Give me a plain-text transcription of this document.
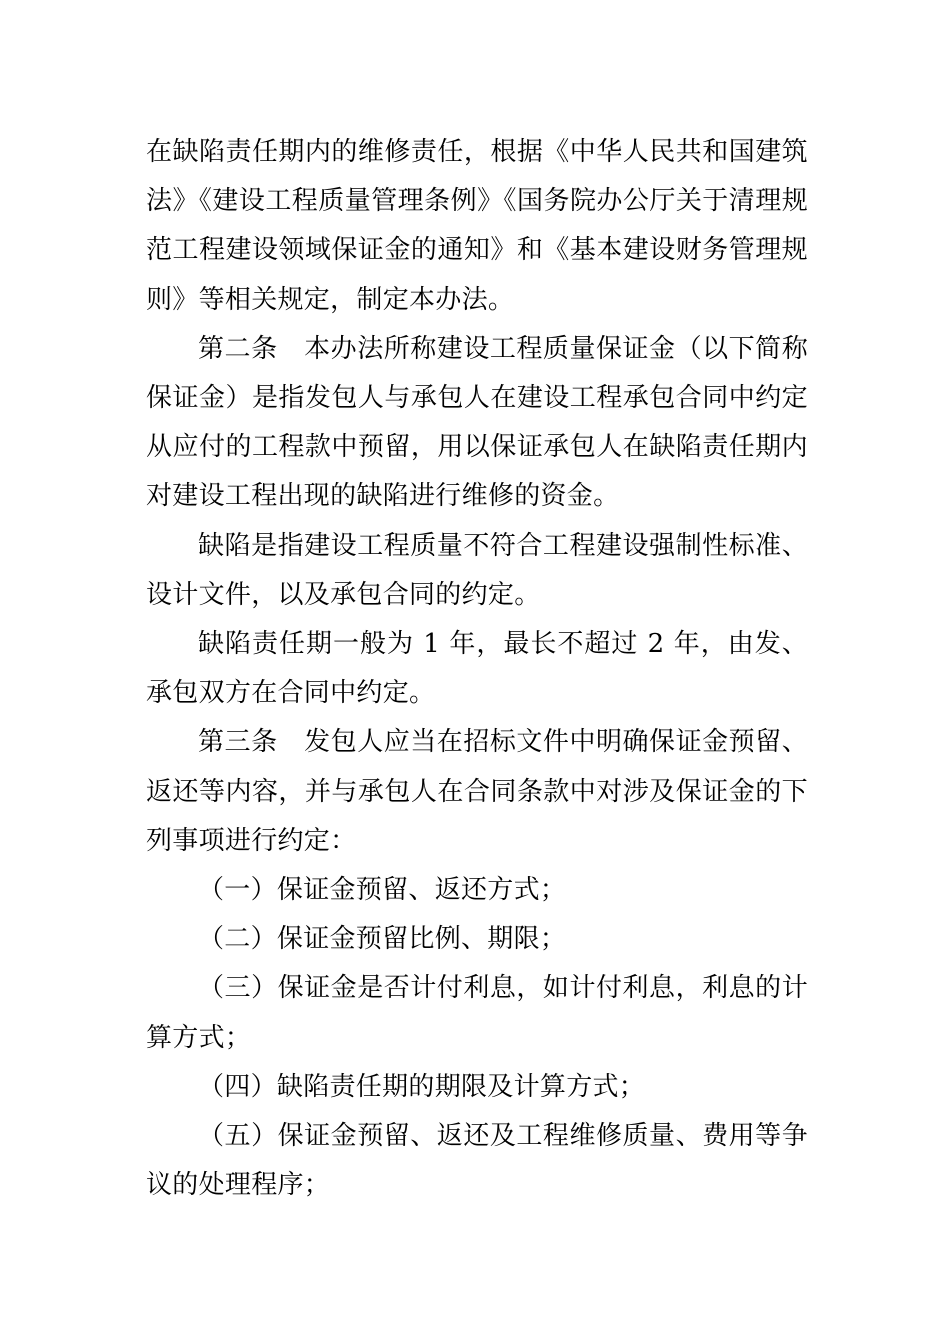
在缺陷责任期内的维修责任，根据《中华人民共和国建筑法》《建设工程质量管理条例》《国务院办公厅关于清理规范工程建设领域保证金的通知》和《基本建设财务管理规则》等相关规定，制定本办法。

第二条　本办法所称建设工程质量保证金（以下简称保证金）是指发包人与承包人在建设工程承包合同中约定从应付的工程款中预留，用以保证承包人在缺陷责任期内对建设工程出现的缺陷进行维修的资金。

缺陷是指建设工程质量不符合工程建设强制性标准、设计文件，以及承包合同的约定。

缺陷责任期一般为 1 年，最长不超过 2 年，由发、承包双方在合同中约定。

第三条　发包人应当在招标文件中明确保证金预留、返还等内容，并与承包人在合同条款中对涉及保证金的下列事项进行约定：

（一）保证金预留、返还方式；

（二）保证金预留比例、期限；

（三）保证金是否计付利息，如计付利息，利息的计算方式；

（四）缺陷责任期的期限及计算方式；

（五）保证金预留、返还及工程维修质量、费用等争议的处理程序；
